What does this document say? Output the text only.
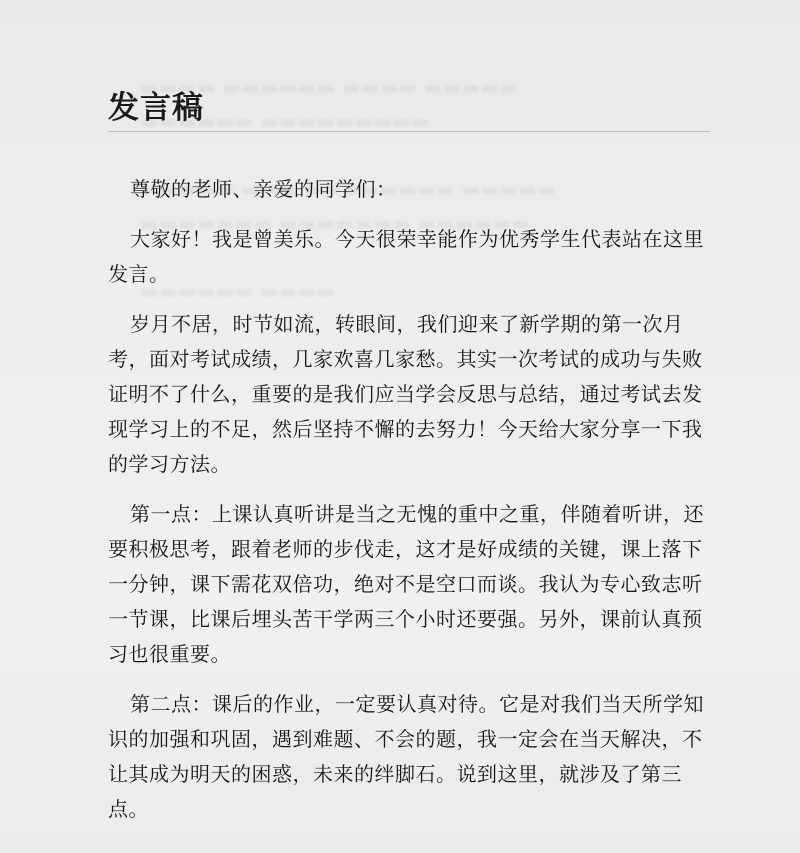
发言稿

尊敬的老师、亲爱的同学们：

大家好！我是曾美乐。今天很荣幸能作为优秀学生代表站在这里发言。

岁月不居，时节如流，转眼间，我们迎来了新学期的第一次月考，面对考试成绩，几家欢喜几家愁。其实一次考试的成功与失败证明不了什么，重要的是我们应当学会反思与总结，通过考试去发现学习上的不足，然后坚持不懈的去努力！今天给大家分享一下我的学习方法。

第一点：上课认真听讲是当之无愧的重中之重，伴随着听讲，还要积极思考，跟着老师的步伐走，这才是好成绩的关键，课上落下一分钟，课下需花双倍功，绝对不是空口而谈。我认为专心致志听一节课，比课后埋头苦干学两三个小时还要强。另外，课前认真预习也很重要。

第二点：课后的作业，一定要认真对待。它是对我们当天所学知识的加强和巩固，遇到难题、不会的题，我一定会在当天解决，不让其成为明天的困惑，未来的绊脚石。说到这里，就涉及了第三点。
